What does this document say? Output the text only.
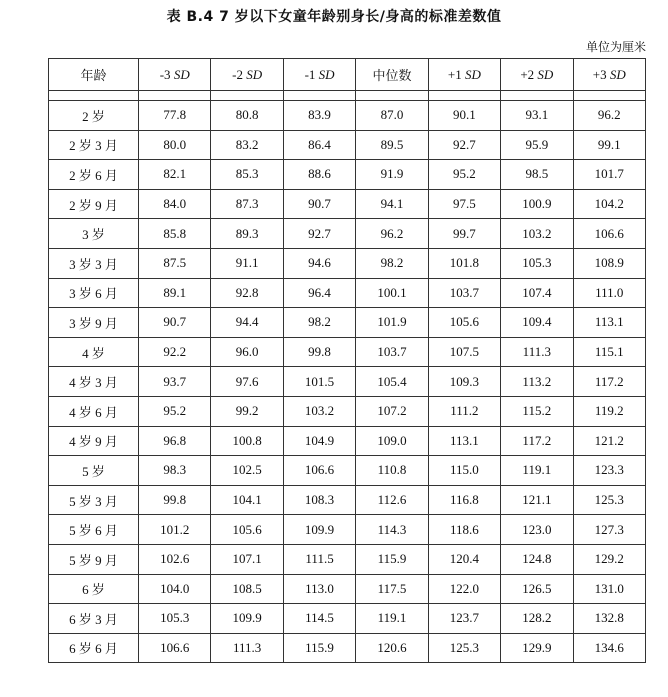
表 B.4 7 岁以下女童年龄别身长/身高的标准差数值
单位为厘米
年龄	-3 SD	-2 SD	-1 SD	中位数	+1 SD	+2 SD	+3 SD

2 岁	77.8	80.8	83.9	87.0	90.1	93.1	96.2
2 岁 3 月	80.0	83.2	86.4	89.5	92.7	95.9	99.1
2 岁 6 月	82.1	85.3	88.6	91.9	95.2	98.5	101.7
2 岁 9 月	84.0	87.3	90.7	94.1	97.5	100.9	104.2
3 岁	85.8	89.3	92.7	96.2	99.7	103.2	106.6
3 岁 3 月	87.5	91.1	94.6	98.2	101.8	105.3	108.9
3 岁 6 月	89.1	92.8	96.4	100.1	103.7	107.4	111.0
3 岁 9 月	90.7	94.4	98.2	101.9	105.6	109.4	113.1
4 岁	92.2	96.0	99.8	103.7	107.5	111.3	115.1
4 岁 3 月	93.7	97.6	101.5	105.4	109.3	113.2	117.2
4 岁 6 月	95.2	99.2	103.2	107.2	111.2	115.2	119.2
4 岁 9 月	96.8	100.8	104.9	109.0	113.1	117.2	121.2
5 岁	98.3	102.5	106.6	110.8	115.0	119.1	123.3
5 岁 3 月	99.8	104.1	108.3	112.6	116.8	121.1	125.3
5 岁 6 月	101.2	105.6	109.9	114.3	118.6	123.0	127.3
5 岁 9 月	102.6	107.1	111.5	115.9	120.4	124.8	129.2
6 岁	104.0	108.5	113.0	117.5	122.0	126.5	131.0
6 岁 3 月	105.3	109.9	114.5	119.1	123.7	128.2	132.8
6 岁 6 月	106.6	111.3	115.9	120.6	125.3	129.9	134.6
